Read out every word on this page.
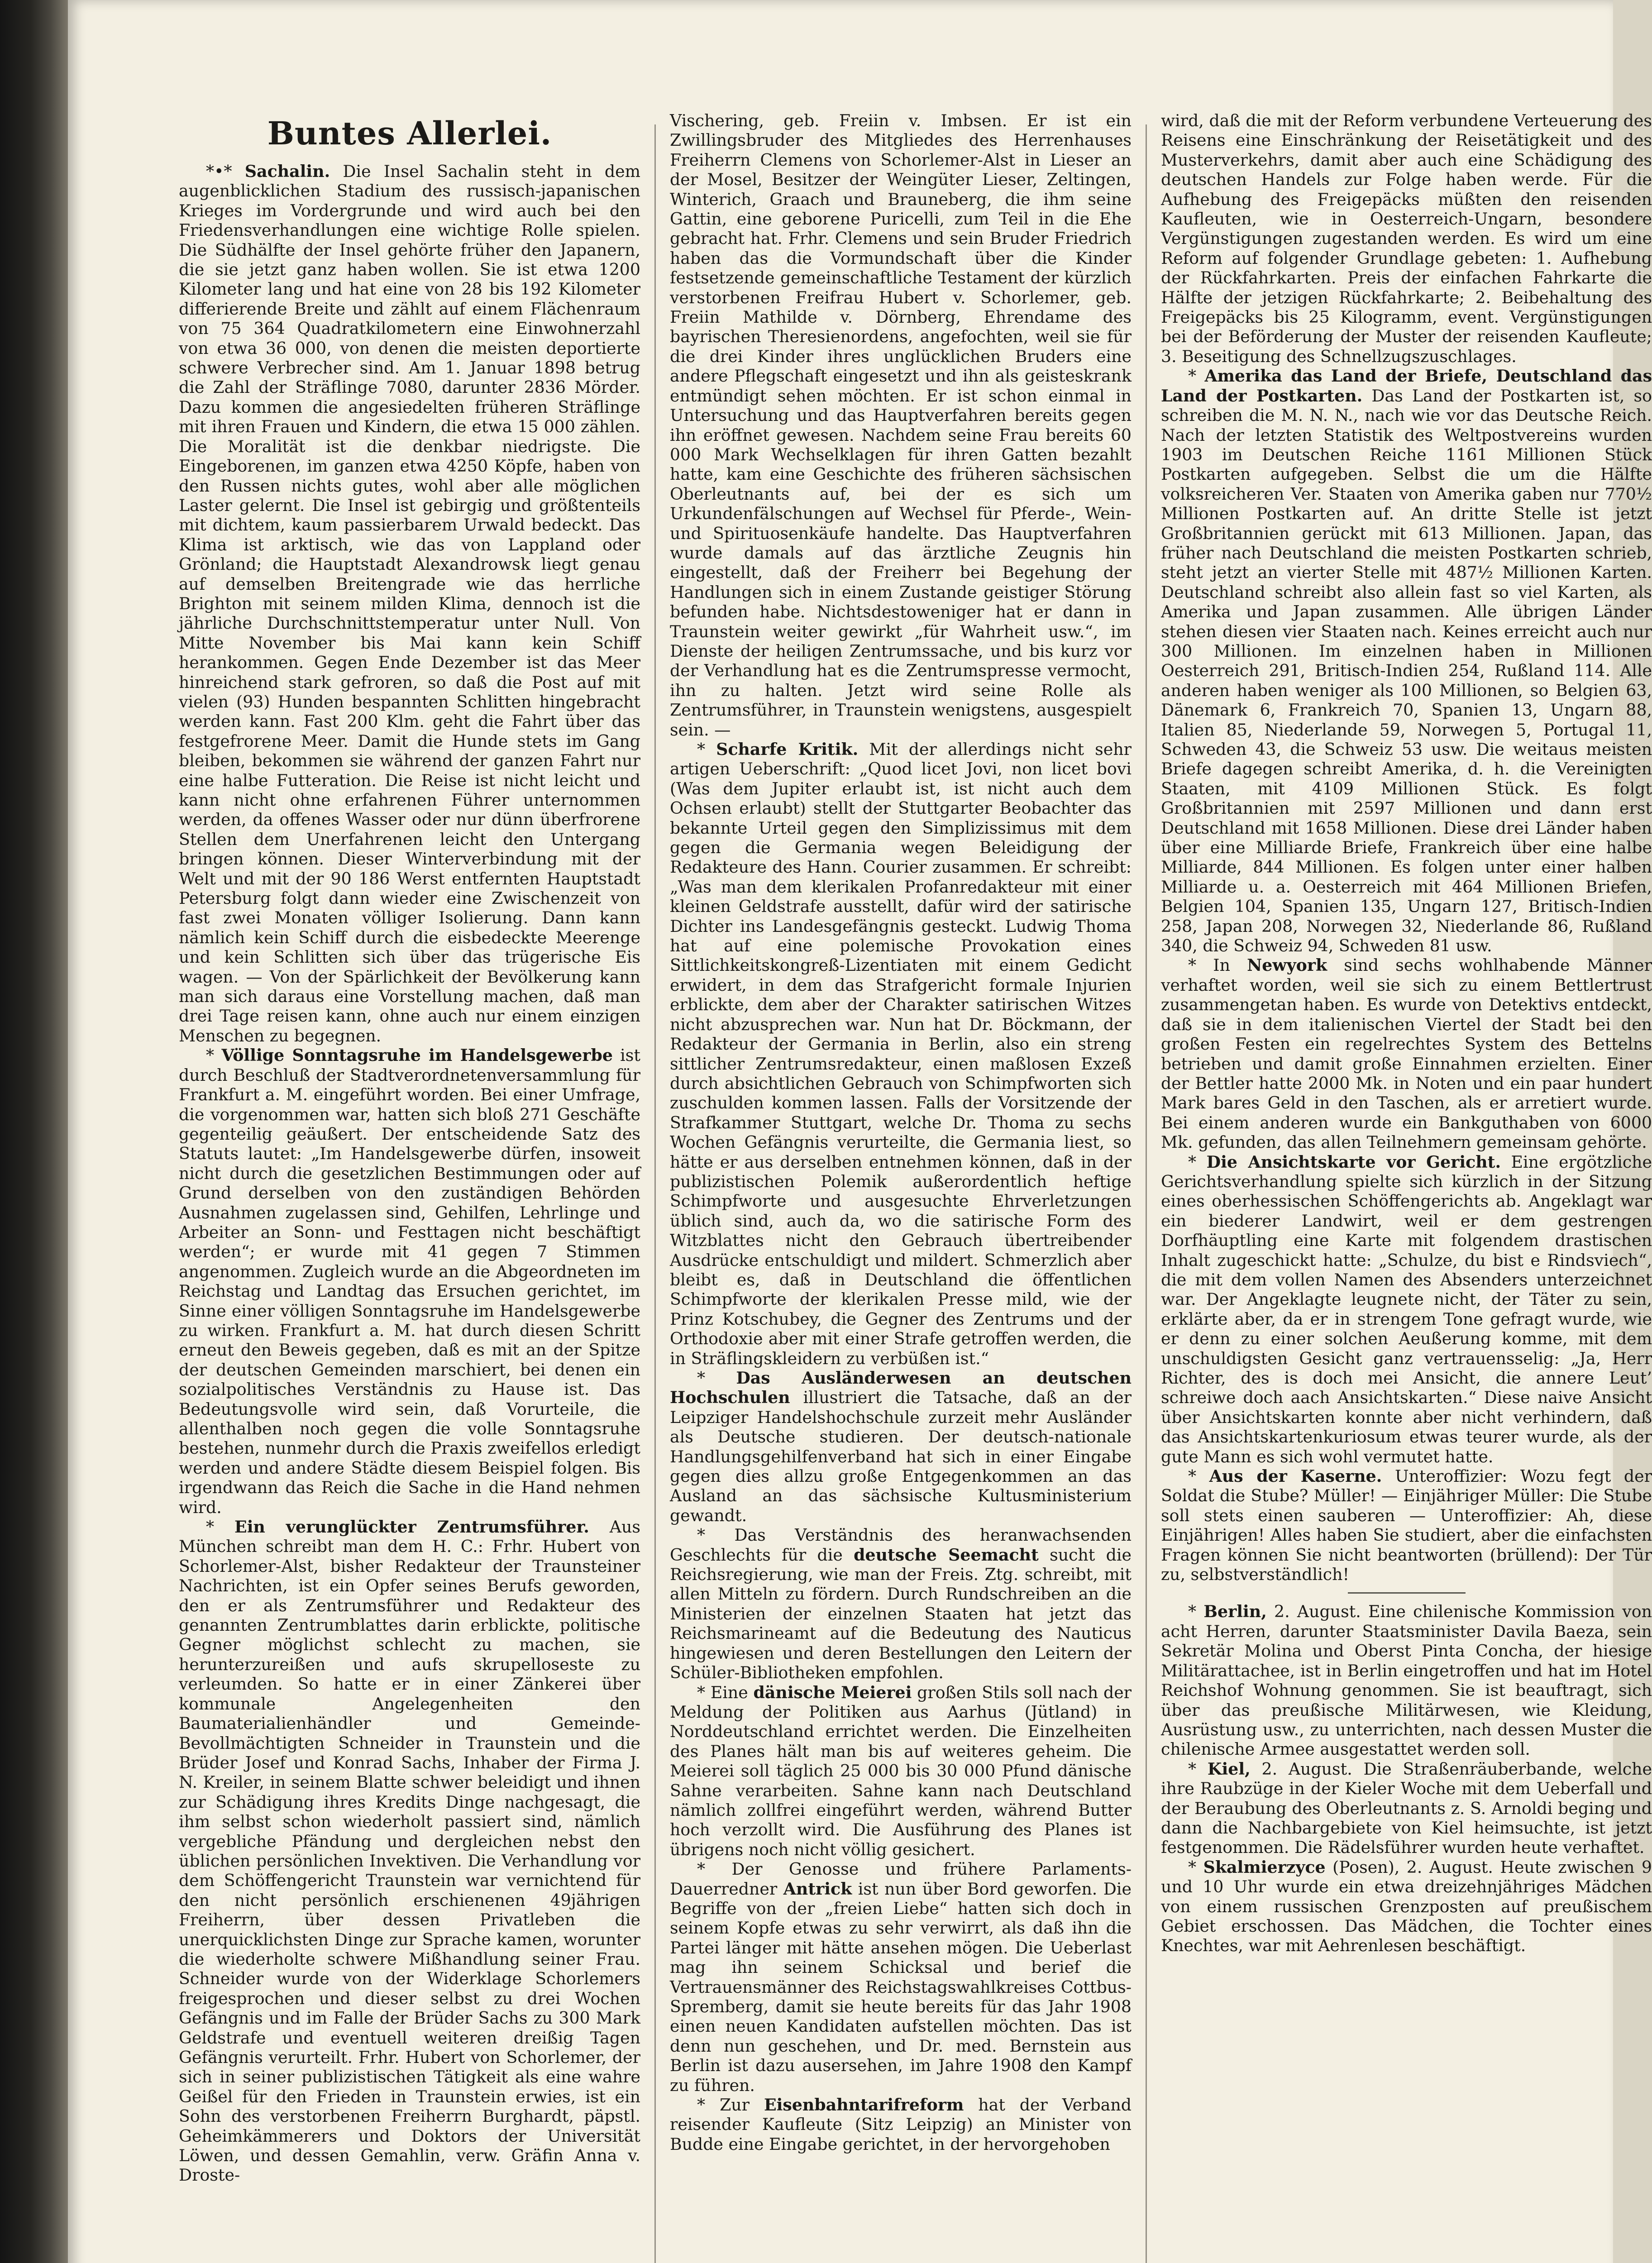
Buntes Allerlei.

*•* Sachalin. Die Insel Sachalin steht in dem augenblicklichen Stadium des russisch-japanischen Krieges im Vordergrunde und wird auch bei den Friedensverhandlungen eine wichtige Rolle spielen. Die Südhälfte der Insel gehörte früher den Japanern, die sie jetzt ganz haben wollen. Sie ist etwa 1200 Kilometer lang und hat eine von 28 bis 192 Kilometer differierende Breite und zählt auf einem Flächenraum von 75 364 Quadratkilometern eine Einwohnerzahl von etwa 36 000, von denen die meisten deportierte schwere Verbrecher sind. Am 1. Januar 1898 betrug die Zahl der Sträflinge 7080, darunter 2836 Mörder. Dazu kommen die angesiedelten früheren Sträflinge mit ihren Frauen und Kindern, die etwa 15 000 zählen. Die Moralität ist die denkbar niedrigste. Die Eingeborenen, im ganzen etwa 4250 Köpfe, haben von den Russen nichts gutes, wohl aber alle möglichen Laster gelernt. Die Insel ist gebirgig und größtenteils mit dichtem, kaum passierbarem Urwald bedeckt. Das Klima ist arktisch, wie das von Lappland oder Grönland; die Hauptstadt Alexandrowsk liegt genau auf demselben Breitengrade wie das herrliche Brighton mit seinem milden Klima, dennoch ist die jährliche Durchschnittstemperatur unter Null. Von Mitte November bis Mai kann kein Schiff herankommen. Gegen Ende Dezember ist das Meer hinreichend stark gefroren, so daß die Post auf mit vielen (93) Hunden bespannten Schlitten hingebracht werden kann. Fast 200 Klm. geht die Fahrt über das festgefrorene Meer. Damit die Hunde stets im Gang bleiben, bekommen sie während der ganzen Fahrt nur eine halbe Futteration. Die Reise ist nicht leicht und kann nicht ohne erfahrenen Führer unternommen werden, da offenes Wasser oder nur dünn überfrorene Stellen dem Unerfahrenen leicht den Untergang bringen können. Dieser Winterverbindung mit der Welt und mit der 90 186 Werst entfernten Hauptstadt Petersburg folgt dann wieder eine Zwischenzeit von fast zwei Monaten völliger Isolierung. Dann kann nämlich kein Schiff durch die eisbedeckte Meerenge und kein Schlitten sich über das trügerische Eis wagen. — Von der Spärlichkeit der Bevölkerung kann man sich daraus eine Vorstellung machen, daß man drei Tage reisen kann, ohne auch nur einem einzigen Menschen zu begegnen.

* Völlige Sonntagsruhe im Handelsgewerbe ist durch Beschluß der Stadtverordnetenversammlung für Frankfurt a. M. eingeführt worden. Bei einer Umfrage, die vorgenommen war, hatten sich bloß 271 Geschäfte gegenteilig geäußert. Der entscheidende Satz des Statuts lautet: „Im Handelsgewerbe dürfen, insoweit nicht durch die gesetzlichen Bestimmungen oder auf Grund derselben von den zuständigen Behörden Ausnahmen zugelassen sind, Gehilfen, Lehrlinge und Arbeiter an Sonn- und Festtagen nicht beschäftigt werden“; er wurde mit 41 gegen 7 Stimmen angenommen. Zugleich wurde an die Abgeordneten im Reichstag und Landtag das Ersuchen gerichtet, im Sinne einer völligen Sonntagsruhe im Handelsgewerbe zu wirken. Frankfurt a. M. hat durch diesen Schritt erneut den Beweis gegeben, daß es mit an der Spitze der deutschen Gemeinden marschiert, bei denen ein sozialpolitisches Verständnis zu Hause ist. Das Bedeutungsvolle wird sein, daß Vorurteile, die allenthalben noch gegen die volle Sonntagsruhe bestehen, nunmehr durch die Praxis zweifellos erledigt werden und andere Städte diesem Beispiel folgen. Bis irgendwann das Reich die Sache in die Hand nehmen wird.

* Ein verunglückter Zentrumsführer. Aus München schreibt man dem H. C.: Frhr. Hubert von Schorlemer-Alst, bisher Redakteur der Traunsteiner Nachrichten, ist ein Opfer seines Berufs geworden, den er als Zentrumsführer und Redakteur des genannten Zentrumblattes darin erblickte, politische Gegner möglichst schlecht zu machen, sie herunterzureißen und aufs skrupelloseste zu verleumden. So hatte er in einer Zänkerei über kommunale Angelegenheiten den Baumaterialienhändler und Gemeinde-Bevollmächtigten Schneider in Traunstein und die Brüder Josef und Konrad Sachs, Inhaber der Firma J. N. Kreiler, in seinem Blatte schwer beleidigt und ihnen zur Schädigung ihres Kredits Dinge nachgesagt, die ihm selbst schon wiederholt passiert sind, nämlich vergebliche Pfändung und dergleichen nebst den üblichen persönlichen Invektiven. Die Verhandlung vor dem Schöffengericht Traunstein war vernichtend für den nicht persönlich erschienenen 49jährigen Freiherrn, über dessen Privatleben die unerquicklichsten Dinge zur Sprache kamen, worunter die wiederholte schwere Mißhandlung seiner Frau. Schneider wurde von der Widerklage Schorlemers freigesprochen und dieser selbst zu drei Wochen Gefängnis und im Falle der Brüder Sachs zu 300 Mark Geldstrafe und eventuell weiteren dreißig Tagen Gefängnis verurteilt. Frhr. Hubert von Schorlemer, der sich in seiner publizistischen Tätigkeit als eine wahre Geißel für den Frieden in Traunstein erwies, ist ein Sohn des verstorbenen Freiherrn Burghardt, päpstl. Geheimkämmerers und Doktors der Universität Löwen, und dessen Gemahlin, verw. Gräfin Anna v. Droste-

Vischering, geb. Freiin v. Imbsen. Er ist ein Zwillingsbruder des Mitgliedes des Herrenhauses Freiherrn Clemens von Schorlemer-Alst in Lieser an der Mosel, Besitzer der Weingüter Lieser, Zeltingen, Winterich, Graach und Brauneberg, die ihm seine Gattin, eine geborene Puricelli, zum Teil in die Ehe gebracht hat. Frhr. Clemens und sein Bruder Friedrich haben das die Vormundschaft über die Kinder festsetzende gemeinschaftliche Testament der kürzlich verstorbenen Freifrau Hubert v. Schorlemer, geb. Freiin Mathilde v. Dörnberg, Ehrendame des bayrischen Theresienordens, angefochten, weil sie für die drei Kinder ihres unglücklichen Bruders eine andere Pflegschaft eingesetzt und ihn als geisteskrank entmündigt sehen möchten. Er ist schon einmal in Untersuchung und das Hauptverfahren bereits gegen ihn eröffnet gewesen. Nachdem seine Frau bereits 60 000 Mark Wechselklagen für ihren Gatten bezahlt hatte, kam eine Geschichte des früheren sächsischen Oberleutnants auf, bei der es sich um Urkundenfälschungen auf Wechsel für Pferde-, Wein- und Spirituosenkäufe handelte. Das Hauptverfahren wurde damals auf das ärztliche Zeugnis hin eingestellt, daß der Freiherr bei Begehung der Handlungen sich in einem Zustande geistiger Störung befunden habe. Nichtsdestoweniger hat er dann in Traunstein weiter gewirkt „für Wahrheit usw.“, im Dienste der heiligen Zentrumssache, und bis kurz vor der Verhandlung hat es die Zentrumspresse vermocht, ihn zu halten. Jetzt wird seine Rolle als Zentrumsführer, in Traunstein wenigstens, ausgespielt sein. —

* Scharfe Kritik. Mit der allerdings nicht sehr artigen Ueberschrift: „Quod licet Jovi, non licet bovi (Was dem Jupiter erlaubt ist, ist nicht auch dem Ochsen erlaubt) stellt der Stuttgarter Beobachter das bekannte Urteil gegen den Simplizissimus mit dem gegen die Germania wegen Beleidigung der Redakteure des Hann. Courier zusammen. Er schreibt: „Was man dem klerikalen Profanredakteur mit einer kleinen Geldstrafe ausstellt, dafür wird der satirische Dichter ins Landesgefängnis gesteckt. Ludwig Thoma hat auf eine polemische Provokation eines Sittlichkeitskongreß-Lizentiaten mit einem Gedicht erwidert, in dem das Strafgericht formale Injurien erblickte, dem aber der Charakter satirischen Witzes nicht abzusprechen war. Nun hat Dr. Böckmann, der Redakteur der Germania in Berlin, also ein streng sittlicher Zentrumsredakteur, einen maßlosen Exzeß durch absichtlichen Gebrauch von Schimpfworten sich zuschulden kommen lassen. Falls der Vorsitzende der Strafkammer Stuttgart, welche Dr. Thoma zu sechs Wochen Gefängnis verurteilte, die Germania liest, so hätte er aus derselben entnehmen können, daß in der publizistischen Polemik außerordentlich heftige Schimpfworte und ausgesuchte Ehrverletzungen üblich sind, auch da, wo die satirische Form des Witzblattes nicht den Gebrauch übertreibender Ausdrücke entschuldigt und mildert. Schmerzlich aber bleibt es, daß in Deutschland die öffentlichen Schimpfworte der klerikalen Presse mild, wie der Prinz Kotschubey, die Gegner des Zentrums und der Orthodoxie aber mit einer Strafe getroffen werden, die in Sträflingskleidern zu verbüßen ist.“

* Das Ausländerwesen an deutschen Hochschulen illustriert die Tatsache, daß an der Leipziger Handelshochschule zurzeit mehr Ausländer als Deutsche studieren. Der deutsch-nationale Handlungsgehilfenverband hat sich in einer Eingabe gegen dies allzu große Entgegenkommen an das Ausland an das sächsische Kultusministerium gewandt.

* Das Verständnis des heranwachsenden Geschlechts für die deutsche Seemacht sucht die Reichsregierung, wie man der Freis. Ztg. schreibt, mit allen Mitteln zu fördern. Durch Rundschreiben an die Ministerien der einzelnen Staaten hat jetzt das Reichsmarineamt auf die Bedeutung des Nauticus hingewiesen und deren Bestellungen den Leitern der Schüler-Bibliotheken empfohlen.

* Eine dänische Meierei großen Stils soll nach der Meldung der Politiken aus Aarhus (Jütland) in Norddeutschland errichtet werden. Die Einzelheiten des Planes hält man bis auf weiteres geheim. Die Meierei soll täglich 25 000 bis 30 000 Pfund dänische Sahne verarbeiten. Sahne kann nach Deutschland nämlich zollfrei eingeführt werden, während Butter hoch verzollt wird. Die Ausführung des Planes ist übrigens noch nicht völlig gesichert.

* Der Genosse und frühere Parlaments-Dauerredner Antrick ist nun über Bord geworfen. Die Begriffe von der „freien Liebe“ hatten sich doch in seinem Kopfe etwas zu sehr verwirrt, als daß ihn die Partei länger mit hätte ansehen mögen. Die Ueberlast mag ihn seinem Schicksal und berief die Vertrauensmänner des Reichstagswahlkreises Cottbus-Spremberg, damit sie heute bereits für das Jahr 1908 einen neuen Kandidaten aufstellen möchten. Das ist denn nun geschehen, und Dr. med. Bernstein aus Berlin ist dazu ausersehen, im Jahre 1908 den Kampf zu führen.

* Zur Eisenbahntarifreform hat der Verband reisender Kaufleute (Sitz Leipzig) an Minister von Budde eine Eingabe gerichtet, in der hervorgehoben

wird, daß die mit der Reform verbundene Verteuerung des Reisens eine Einschränkung der Reisetätigkeit und des Musterverkehrs, damit aber auch eine Schädigung des deutschen Handels zur Folge haben werde. Für die Aufhebung des Freigepäcks müßten den reisenden Kaufleuten, wie in Oesterreich-Ungarn, besondere Vergünstigungen zugestanden werden. Es wird um eine Reform auf folgender Grundlage gebeten: 1. Aufhebung der Rückfahrkarten. Preis der einfachen Fahrkarte die Hälfte der jetzigen Rückfahrkarte; 2. Beibehaltung des Freigepäcks bis 25 Kilogramm, event. Vergünstigungen bei der Beförderung der Muster der reisenden Kaufleute; 3. Beseitigung des Schnellzugszuschlages.

* Amerika das Land der Briefe, Deutschland das Land der Postkarten. Das Land der Postkarten ist, so schreiben die M. N. N., nach wie vor das Deutsche Reich. Nach der letzten Statistik des Weltpostvereins wurden 1903 im Deutschen Reiche 1161 Millionen Stück Postkarten aufgegeben. Selbst die um die Hälfte volksreicheren Ver. Staaten von Amerika gaben nur 770½ Millionen Postkarten auf. An dritte Stelle ist jetzt Großbritannien gerückt mit 613 Millionen. Japan, das früher nach Deutschland die meisten Postkarten schrieb, steht jetzt an vierter Stelle mit 487½ Millionen Karten. Deutschland schreibt also allein fast so viel Karten, als Amerika und Japan zusammen. Alle übrigen Länder stehen diesen vier Staaten nach. Keines erreicht auch nur 300 Millionen. Im einzelnen haben in Millionen Oesterreich 291, Britisch-Indien 254, Rußland 114. Alle anderen haben weniger als 100 Millionen, so Belgien 63, Dänemark 6, Frankreich 70, Spanien 13, Ungarn 88, Italien 85, Niederlande 59, Norwegen 5, Portugal 11, Schweden 43, die Schweiz 53 usw. Die weitaus meisten Briefe dagegen schreibt Amerika, d. h. die Vereinigten Staaten, mit 4109 Millionen Stück. Es folgt Großbritannien mit 2597 Millionen und dann erst Deutschland mit 1658 Millionen. Diese drei Länder haben über eine Milliarde Briefe, Frankreich über eine halbe Milliarde, 844 Millionen. Es folgen unter einer halben Milliarde u. a. Oesterreich mit 464 Millionen Briefen, Belgien 104, Spanien 135, Ungarn 127, Britisch-Indien 258, Japan 208, Norwegen 32, Niederlande 86, Rußland 340, die Schweiz 94, Schweden 81 usw.

* In Newyork sind sechs wohlhabende Männer verhaftet worden, weil sie sich zu einem Bettlertrust zusammengetan haben. Es wurde von Detektivs entdeckt, daß sie in dem italienischen Viertel der Stadt bei den großen Festen ein regelrechtes System des Bettelns betrieben und damit große Einnahmen erzielten. Einer der Bettler hatte 2000 Mk. in Noten und ein paar hundert Mark bares Geld in den Taschen, als er arretiert wurde. Bei einem anderen wurde ein Bankguthaben von 6000 Mk. gefunden, das allen Teilnehmern gemeinsam gehörte.

* Die Ansichtskarte vor Gericht. Eine ergötzliche Gerichtsverhandlung spielte sich kürzlich in der Sitzung eines oberhessischen Schöffengerichts ab. Angeklagt war ein biederer Landwirt, weil er dem gestrengen Dorfhäuptling eine Karte mit folgendem drastischen Inhalt zugeschickt hatte: „Schulze, du bist e Rindsviech“, die mit dem vollen Namen des Absenders unterzeichnet war. Der Angeklagte leugnete nicht, der Täter zu sein, erklärte aber, da er in strengem Tone gefragt wurde, wie er denn zu einer solchen Aeußerung komme, mit dem unschuldigsten Gesicht ganz vertrauensselig: „Ja, Herr Richter, des is doch mei Ansicht, die annere Leut’ schreiwe doch aach Ansichtskarten.“ Diese naive Ansicht über Ansichtskarten konnte aber nicht verhindern, daß das Ansichtskartenkuriosum etwas teurer wurde, als der gute Mann es sich wohl vermutet hatte.

* Aus der Kaserne. Unteroffizier: Wozu fegt der Soldat die Stube? Müller! — Einjähriger Müller: Die Stube soll stets einen sauberen — Unteroffizier: Ah, diese Einjährigen! Alles haben Sie studiert, aber die einfachsten Fragen können Sie nicht beantworten (brüllend): Der Tür zu, selbstverständlich!

* Berlin, 2. August. Eine chilenische Kommission von acht Herren, darunter Staatsminister Davila Baeza, sein Sekretär Molina und Oberst Pinta Concha, der hiesige Militärattachee, ist in Berlin eingetroffen und hat im Hotel Reichshof Wohnung genommen. Sie ist beauftragt, sich über das preußische Militärwesen, wie Kleidung, Ausrüstung usw., zu unterrichten, nach dessen Muster die chilenische Armee ausgestattet werden soll.

* Kiel, 2. August. Die Straßenräuberbande, welche ihre Raubzüge in der Kieler Woche mit dem Ueberfall und der Beraubung des Oberleutnants z. S. Arnoldi beging und dann die Nachbargebiete von Kiel heimsuchte, ist jetzt festgenommen. Die Rädelsführer wurden heute verhaftet.

* Skalmierzyce (Posen), 2. August. Heute zwischen 9 und 10 Uhr wurde ein etwa dreizehnjähriges Mädchen von einem russischen Grenzposten auf preußischem Gebiet erschossen. Das Mädchen, die Tochter eines Knechtes, war mit Aehrenlesen beschäftigt.
